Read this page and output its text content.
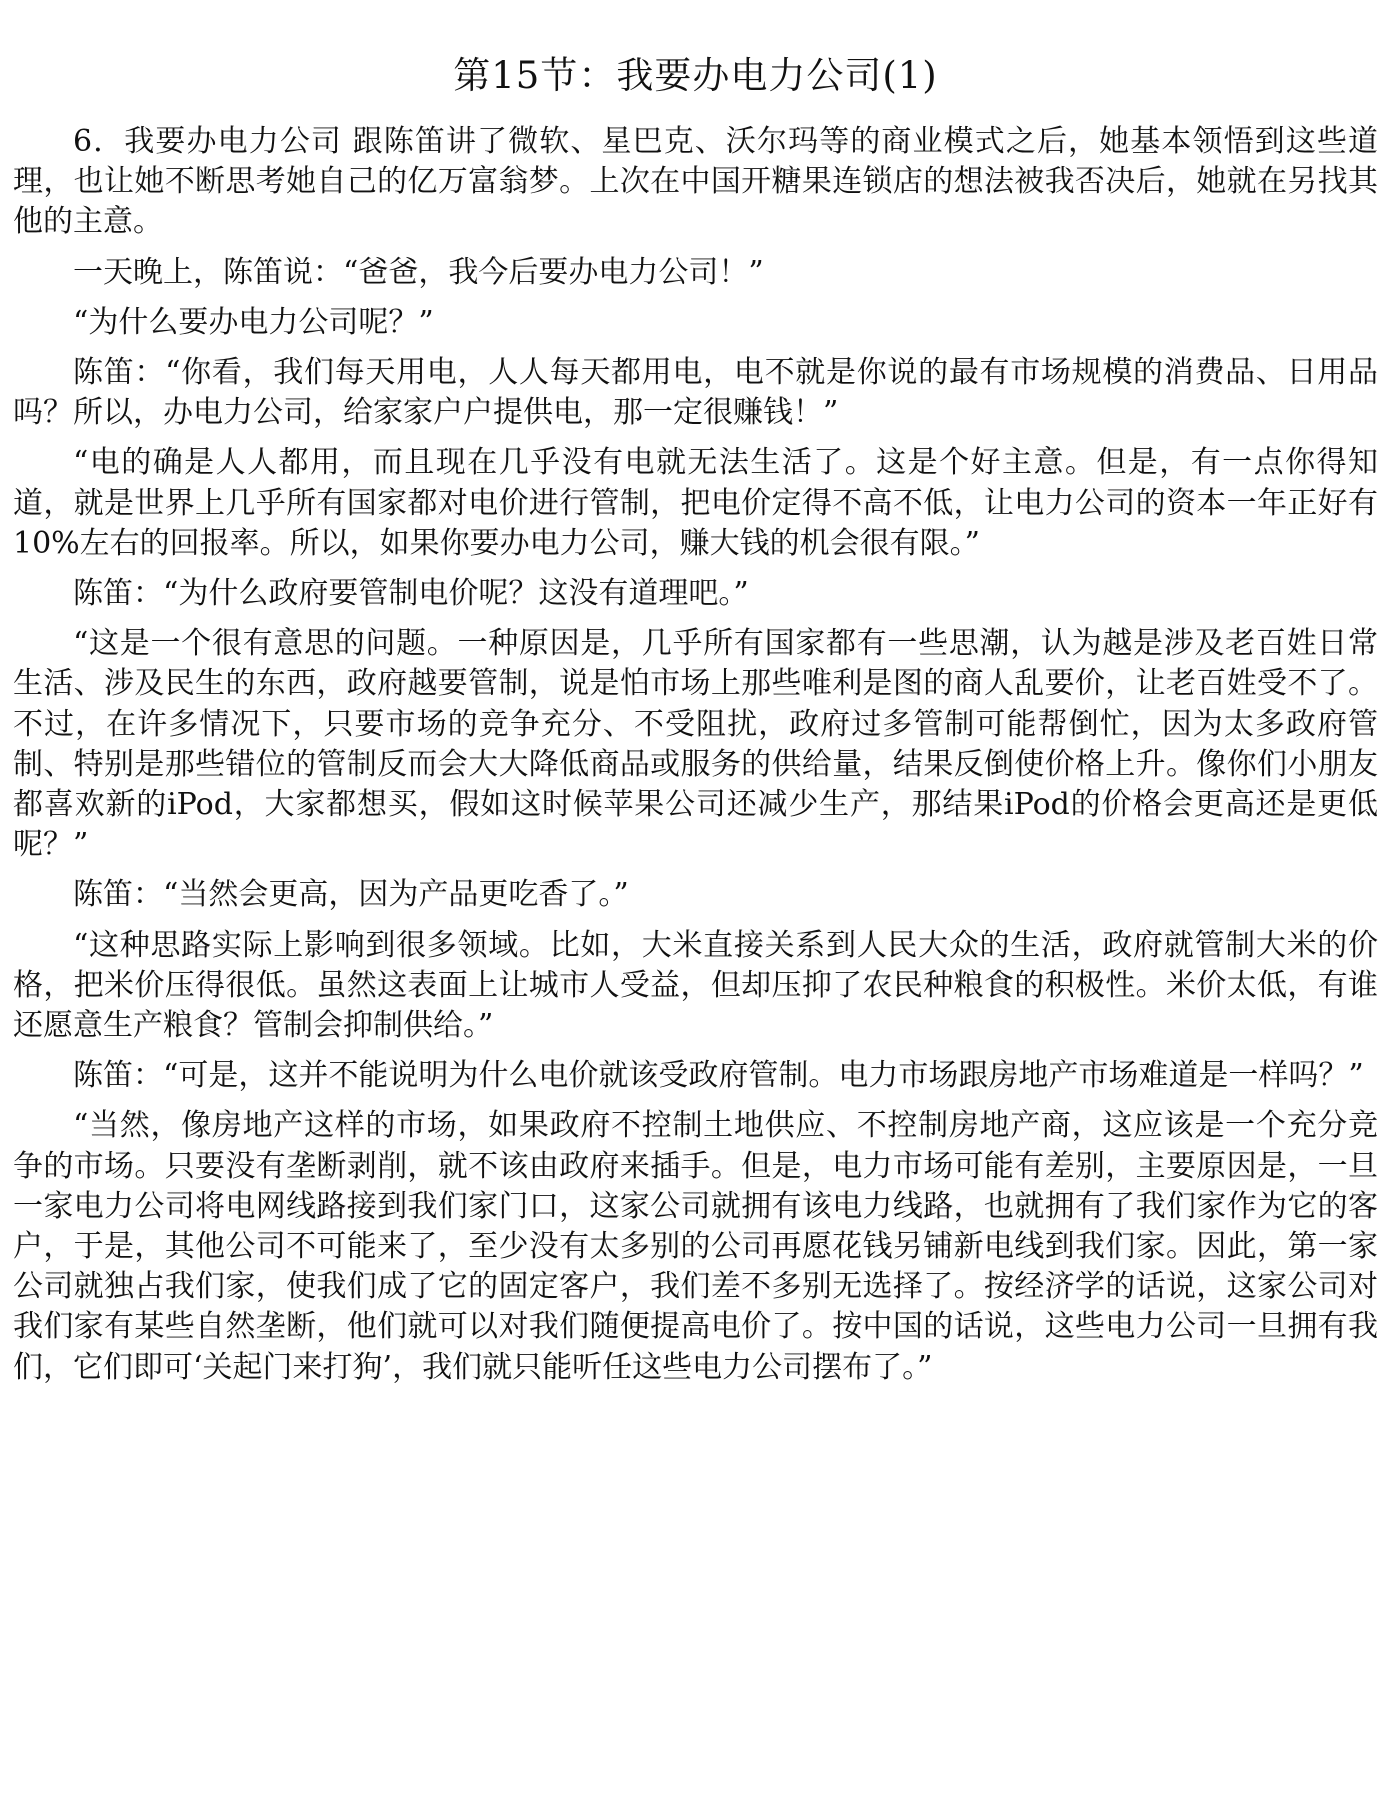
第15节：我要办电力公司(1)

6．我要办电力公司 跟陈笛讲了微软、星巴克、沃尔玛等的商业模式之后，她基本领悟到这些道理，也让她不断思考她自己的亿万富翁梦。上次在中国开糖果连锁店的想法被我否决后，她就在另找其他的主意。

一天晚上，陈笛说：“爸爸，我今后要办电力公司！”

“为什么要办电力公司呢？”

陈笛：“你看，我们每天用电，人人每天都用电，电不就是你说的最有市场规模的消费品、日用品吗？所以，办电力公司，给家家户户提供电，那一定很赚钱！”

“电的确是人人都用，而且现在几乎没有电就无法生活了。这是个好主意。但是，有一点你得知道，就是世界上几乎所有国家都对电价进行管制，把电价定得不高不低，让电力公司的资本一年正好有10%左右的回报率。所以，如果你要办电力公司，赚大钱的机会很有限。”

陈笛：“为什么政府要管制电价呢？这没有道理吧。”

“这是一个很有意思的问题。一种原因是，几乎所有国家都有一些思潮，认为越是涉及老百姓日常生活、涉及民生的东西，政府越要管制，说是怕市场上那些唯利是图的商人乱要价，让老百姓受不了。不过，在许多情况下，只要市场的竞争充分、不受阻扰，政府过多管制可能帮倒忙，因为太多政府管制、特别是那些错位的管制反而会大大降低商品或服务的供给量，结果反倒使价格上升。像你们小朋友都喜欢新的iPod，大家都想买，假如这时候苹果公司还减少生产，那结果iPod的价格会更高还是更低呢？”

陈笛：“当然会更高，因为产品更吃香了。”

“这种思路实际上影响到很多领域。比如，大米直接关系到人民大众的生活，政府就管制大米的价格，把米价压得很低。虽然这表面上让城市人受益，但却压抑了农民种粮食的积极性。米价太低，有谁还愿意生产粮食？管制会抑制供给。”

陈笛：“可是，这并不能说明为什么电价就该受政府管制。电力市场跟房地产市场难道是一样吗？”

“当然，像房地产这样的市场，如果政府不控制土地供应、不控制房地产商，这应该是一个充分竞争的市场。只要没有垄断剥削，就不该由政府来插手。但是，电力市场可能有差别，主要原因是，一旦一家电力公司将电网线路接到我们家门口，这家公司就拥有该电力线路，也就拥有了我们家作为它的客户，于是，其他公司不可能来了，至少没有太多别的公司再愿花钱另铺新电线到我们家。因此，第一家公司就独占我们家，使我们成了它的固定客户，我们差不多别无选择了。按经济学的话说，这家公司对我们家有某些自然垄断，他们就可以对我们随便提高电价了。按中国的话说，这些电力公司一旦拥有我们，它们即可‘关起门来打狗’，我们就只能听任这些电力公司摆布了。”
